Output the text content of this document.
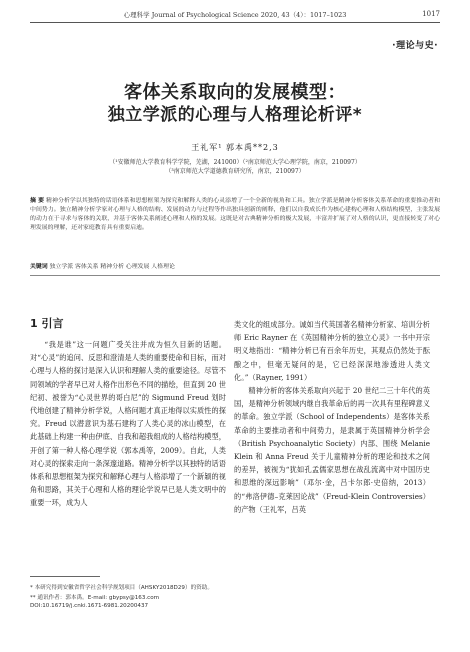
心理科学 Journal of Psychological Science 2020, 43（4）：1017–1023	1017
·理论与史·
客体关系取向的发展模型：
独立学派的心理与人格理论析评*
王礼军¹ 郭本禹**2,3
（¹安徽师范大学教育科学学院，芜湖，241000）（²南京师范大学心理学院，南京，210097）
（³南京师范大学道德教育研究所，南京，210097）
摘 要 精神分析学以其独特的话语体系和思想框架为探究和解释人类的心灵添增了一个全新的视角和工具。独立学派是精神分析客体关系革命的重要推动者和中间势力。独立精神分析学家对心理与人格的结构、发展的动力与过程等作出独具创新的阐释，他们以自我成长作为核心建构心理和人格结构模型，主张发展的动力在于寻求与客体的关联，并基于客体关系阐述心理和人格的发展。这既是对古典精神分析的极大发展，丰富并扩展了对人格的认识，更直接转变了对心理发展的理解，还对家庭教育具有重要启迪。
关键词 独立学派 客体关系 精神分析 心理发展 人格理论
1 引言

“我是谁”这一问题广受关注并成为恒久目新的话题。对“心灵”的追问、反思和澄清是人类的重要使命和目标，而对心理与人格的探讨是深入认识和理解人类的重要途径。尽管不同领域的学者早已对人格作出形色不同的描绘，但直到 20 世纪初、被誉为“心灵世界的哥白尼”的 Sigmund Freud 划时代地创建了精神分析学说，人格问题才真正地得以实质性的探究。Freud 以潜意识为基石建构了人类心灵的冰山模型，在此基础上构建一种由伊底、自我和超我组成的人格结构模型，开创了第一种人格心理学说（郭本禹等，2009）。自此，人类对心灵的探索走向一条深邃道路。精神分析学以其独特的话语体系和思想框架为探究和解释心理与人格添增了一个新颖的视角和思路，其关于心理和人格的理论学说早已是人类文明中的重要一环，成为人

类文化的组成部分。诚如当代英国著名精神分析家、培训分析师 Eric Rayner 在《英国精神分析的独立心灵》一书中开宗明义地指出：“精神分析已有百余年历史，其观点仍然处于酝酿之中，但毫无疑问的是，它已经深深地渗透进人类文化。”（Rayner, 1991）

精神分析的客体关系取向兴起于 20 世纪二三十年代的英国，是精神分析领域内继自我革命后的再一次具有里程碑意义的革命。独立学派（School of Independents）是客体关系革命的主要推动者和中间势力，是隶属于英国精神分析学会（British Psychoanalytic Society）内部、围绕 Melanie Klein 和 Anna Freud 关于儿童精神分析的理论和技术之间的差异，被视为“犹如孔孟儒家思想在战乱流离中对中国历史和思维的深远影响”（邓尔·金，吕卡尔郎·史倍纳，2013）的“弗洛伊德–克莱因论战”（Freud-Klein Controversies）的产物（王礼军，吕英

* 本研究得到安徽省哲学社会科学规划项目（AHSKY2018D29）的资助。
** 通讯作者：郭本禹。E-mail: gbypsy@163.com
DOI:10.16719/j.cnki.1671-6981.20200437
